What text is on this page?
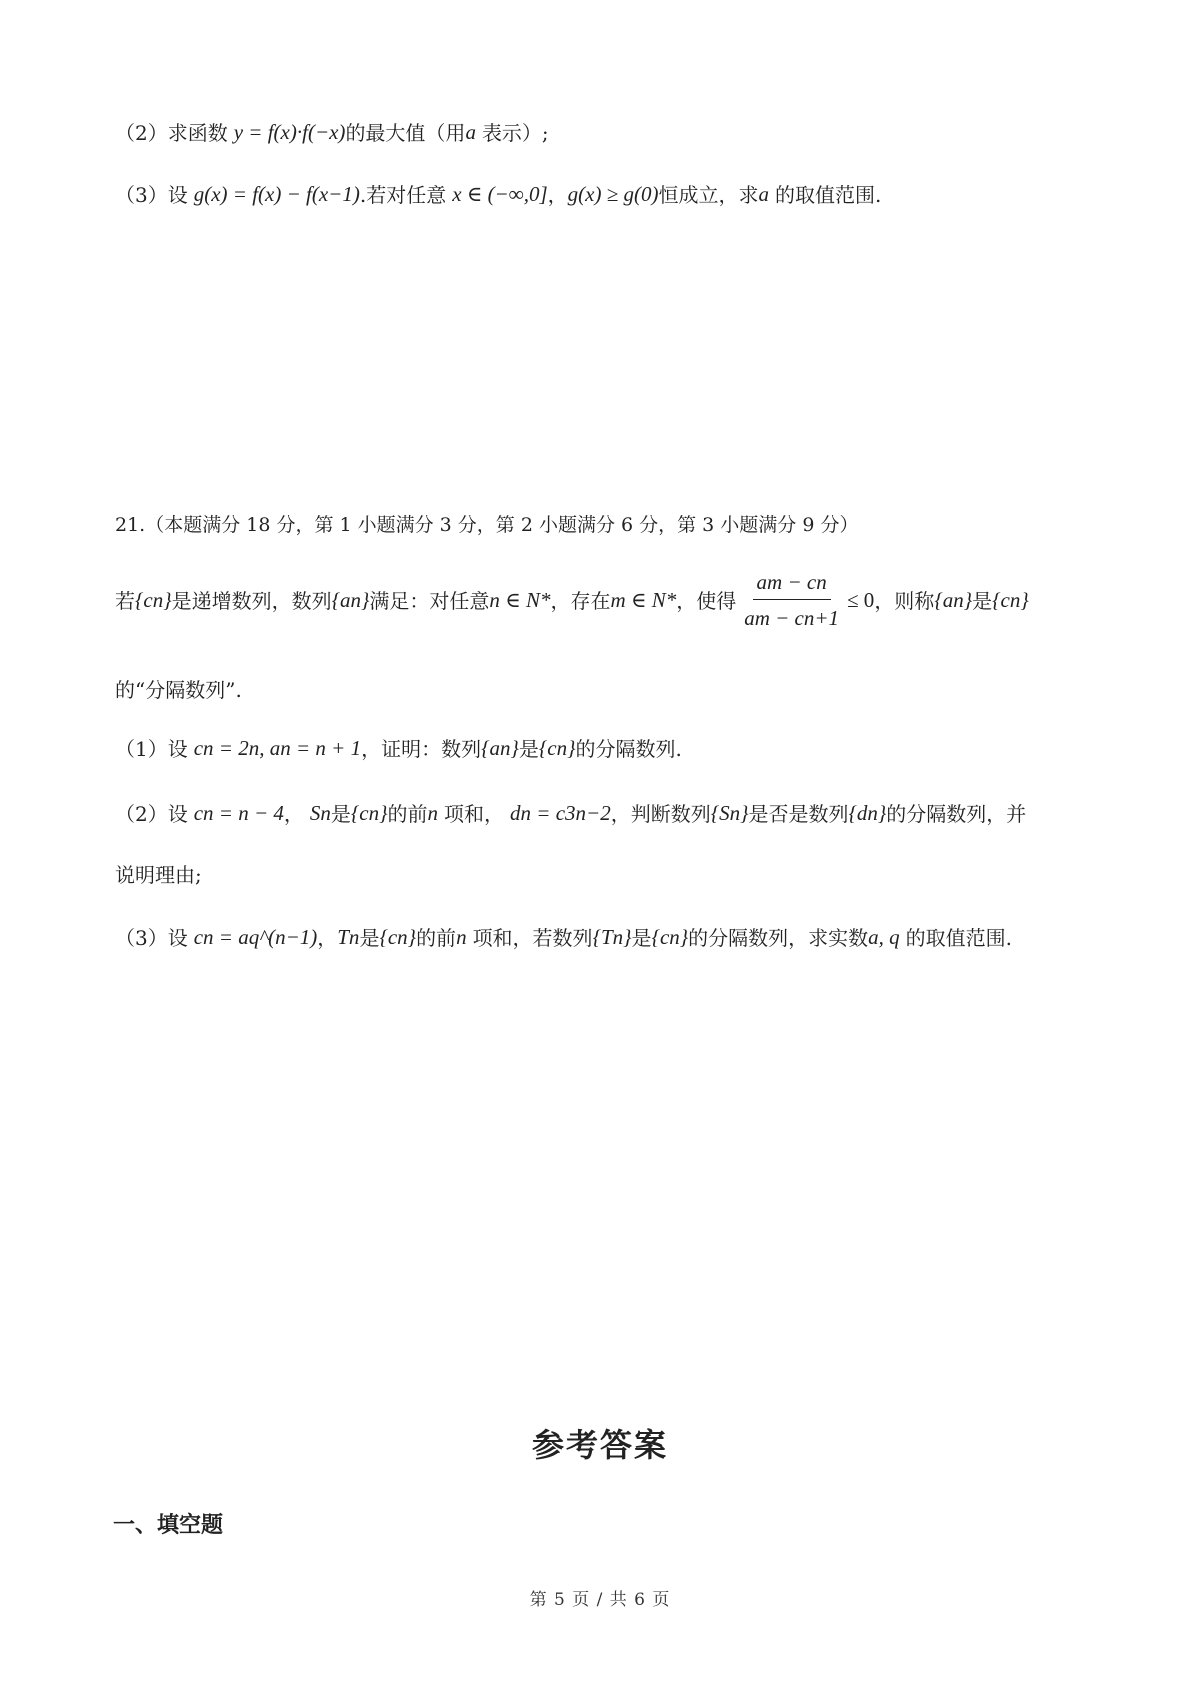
（2） 求函数 y = f(x)·f(−x) 的最大值（用 a 表示）;
（3） 设 g(x) = f(x) − f(x−1) .若对任意 x ∈ (−∞,0] ， g(x) ≥ g(0) 恒成立，求 a 的取值范围.
21.（本题满分 18 分，第 1 小题满分 3 分，第 2 小题满分 6 分，第 3 小题满分 9 分）
若 {cn} 是递增数列，数列 {an} 满足：对任意 n ∈ N* ，存在 m ∈ N* ，使得 $\frac{am - cn}{am - cn+1} \le 0$ ，则称 {an} 是 {cn}
的“分隔数列”.
（1） 设 cn = 2n, an = n + 1 ，证明：数列 {an} 是 {cn} 的分隔数列.
（2） 设 cn = n − 4 ， Sn 是 {cn} 的前 n 项和， dn = c3n−2 ，判断数列 {Sn} 是否是数列 {dn} 的分隔数列，并
说明理由;
（3） 设 cn = aq^(n−1) ， Tn 是 {cn} 的前 n 项和，若数列 {Tn} 是 {cn} 的分隔数列，求实数 a, q 的取值范围.
参考答案
一、填空题
第 5 页 / 共 6 页
